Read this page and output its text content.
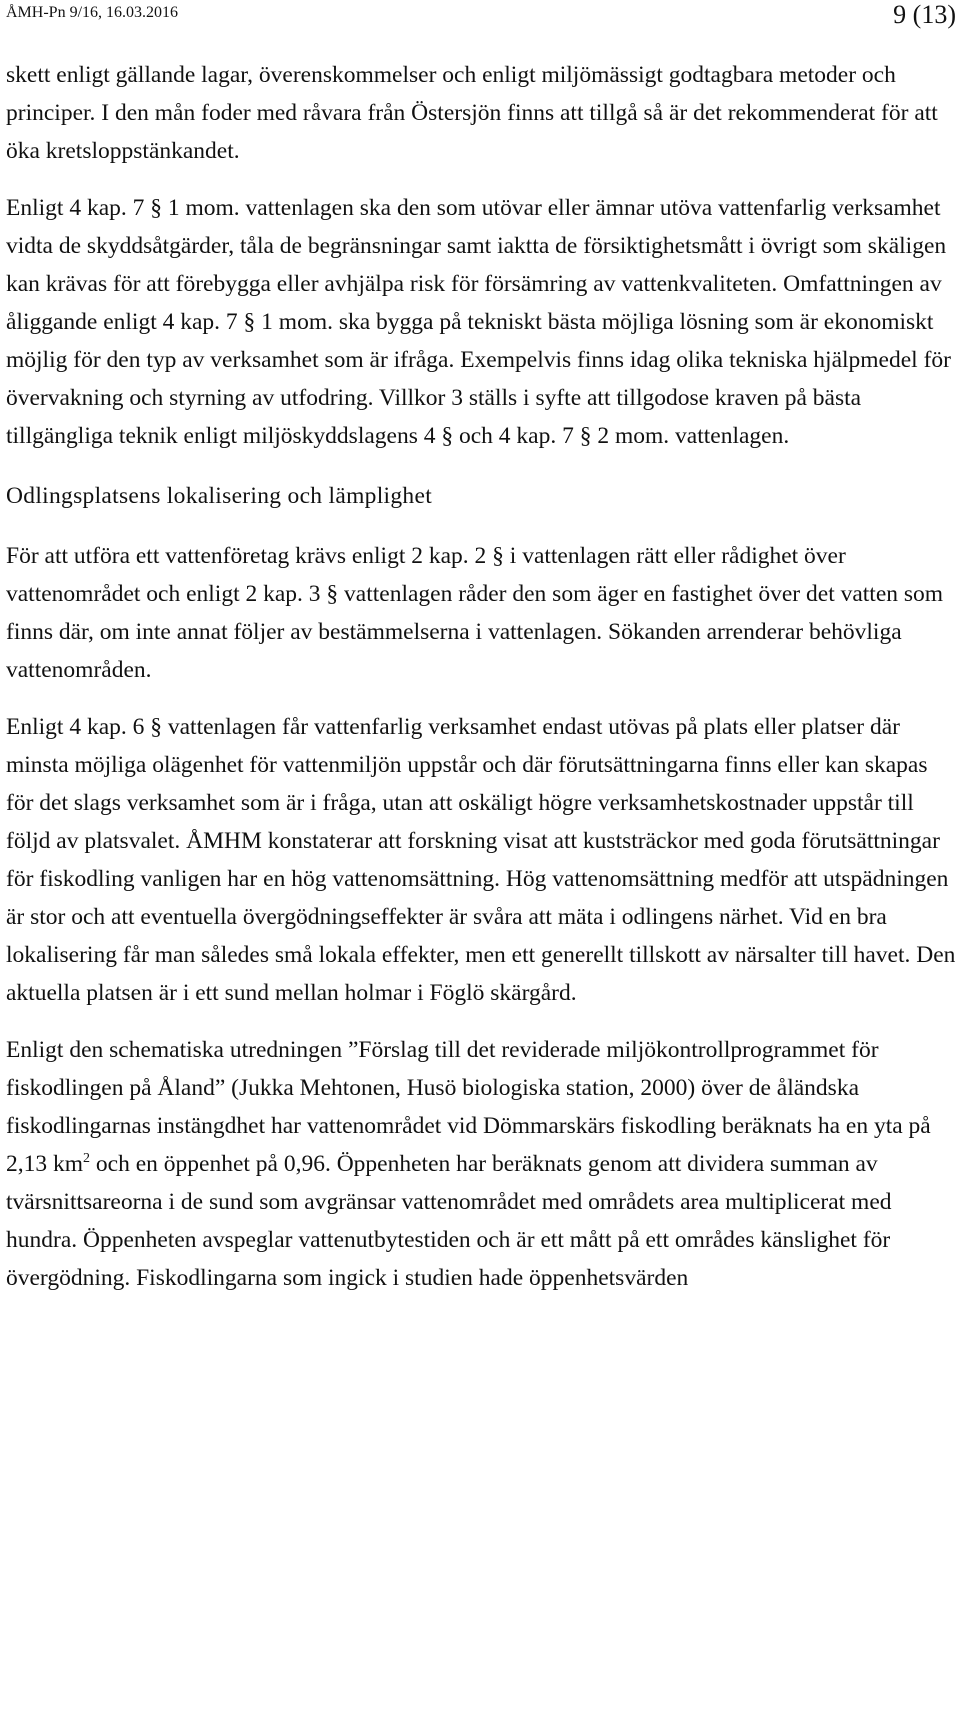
ÅMH-Pn 9/16, 16.03.2016	9 (13)

skett enligt gällande lagar, överenskommelser och enligt miljömässigt godtagbara metoder och principer. I den mån foder med råvara från Östersjön finns att tillgå så är det rekommenderat för att öka kretsloppstänkandet.

Enligt 4 kap. 7 § 1 mom. vattenlagen ska den som utövar eller ämnar utöva vattenfarlig verksamhet vidta de skyddsåtgärder, tåla de begränsningar samt iaktta de försiktighetsmått i övrigt som skäligen kan krävas för att förebygga eller avhjälpa risk för försämring av vattenkvaliteten. Omfattningen av åliggande enligt 4 kap. 7 § 1 mom. ska bygga på tekniskt bästa möjliga lösning som är ekonomiskt möjlig för den typ av verksamhet som är ifråga. Exempelvis finns idag olika tekniska hjälpmedel för övervakning och styrning av utfodring. Villkor 3 ställs i syfte att tillgodose kraven på bästa tillgängliga teknik enligt miljöskyddslagens 4 § och 4 kap. 7 § 2 mom. vattenlagen.

Odlingsplatsens lokalisering och lämplighet

För att utföra ett vattenföretag krävs enligt 2 kap. 2 § i vattenlagen rätt eller rådighet över vattenområdet och enligt 2 kap. 3 § vattenlagen råder den som äger en fastighet över det vatten som finns där, om inte annat följer av bestämmelserna i vattenlagen. Sökanden arrenderar behövliga vattenområden.

Enligt 4 kap. 6 § vattenlagen får vattenfarlig verksamhet endast utövas på plats eller platser där minsta möjliga olägenhet för vattenmiljön uppstår och där förutsättningarna finns eller kan skapas för det slags verksamhet som är i fråga, utan att oskäligt högre verksamhetskostnader uppstår till följd av platsvalet. ÅMHM konstaterar att forskning visat att kuststräckor med goda förutsättningar för fiskodling vanligen har en hög vattenomsättning. Hög vattenomsättning medför att utspädningen är stor och att eventuella övergödningseffekter är svåra att mäta i odlingens närhet. Vid en bra lokalisering får man således små lokala effekter, men ett generellt tillskott av närsalter till havet. Den aktuella platsen är i ett sund mellan holmar i Föglö skärgård.

Enligt den schematiska utredningen ”Förslag till det reviderade miljökontrollprogrammet för fiskodlingen på Åland” (Jukka Mehtonen, Husö biologiska station, 2000) över de åländska fiskodlingarnas instängdhet har vattenområdet vid Dömmarskärs fiskodling beräknats ha en yta på 2,13 $km^2$ och en öppenhet på 0,96. Öppenheten har beräknats genom att dividera summan av tvärsnittsareorna i de sund som avgränsar vattenområdet med områdets area multiplicerat med hundra. Öppenheten avspeglar vattenutbytestiden och är ett mått på ett områdes känslighet för övergödning. Fiskodlingarna som ingick i studien hade öppenhetsvärden
